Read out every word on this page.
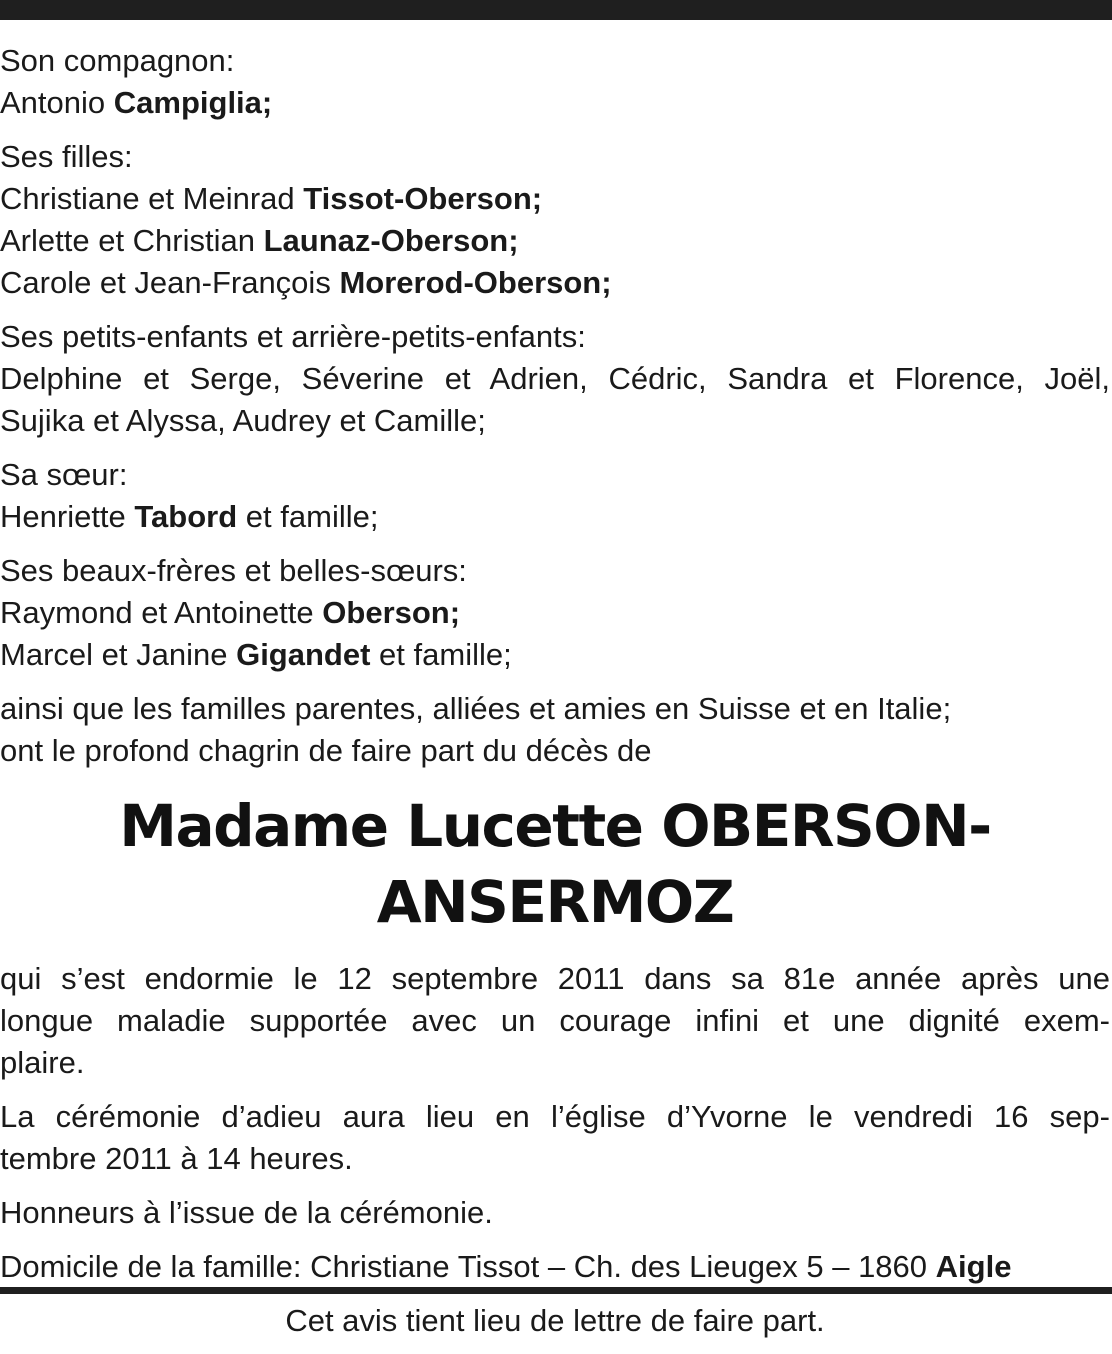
Son compagnon:
Antonio Campiglia;
Ses filles:
Christiane et Meinrad Tissot-Oberson;
Arlette et Christian Launaz-Oberson;
Carole et Jean-François Morerod-Oberson;
Ses petits-enfants et arrière-petits-enfants:
Delphine et Serge, Séverine et Adrien, Cédric, Sandra et Florence, Joël,
Sujika et Alyssa, Audrey et Camille;
Sa sœur:
Henriette Tabord et famille;
Ses beaux-frères et belles-sœurs:
Raymond et Antoinette Oberson;
Marcel et Janine Gigandet et famille;
ainsi que les familles parentes, alliées et amies en Suisse et en Italie;
ont le profond chagrin de faire part du décès de
Madame Lucette OBERSON-ANSERMOZ
qui s’est endormie le 12 septembre 2011 dans sa 81e année après une
longue maladie supportée avec un courage infini et une dignité exem-
plaire.
La cérémonie d’adieu aura lieu en l’église d’Yvorne le vendredi 16 sep-
tembre 2011 à 14 heures.
Honneurs à l’issue de la cérémonie.
Domicile de la famille: Christiane Tissot – Ch. des Lieugex 5 – 1860 Aigle
Cet avis tient lieu de lettre de faire part.
